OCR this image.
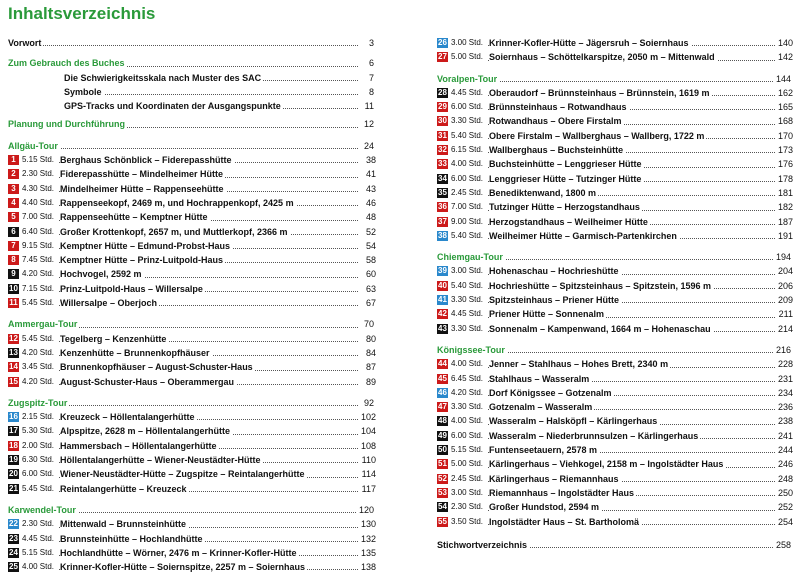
Inhaltsverzeichnis
Vorwort	3
Zum Gebrauch des Buches	6
Die Schwierigkeitsskala nach Muster des SAC	7
Symbole	8
GPS-Tracks und Koordinaten der Ausgangspunkte	11
Planung und Durchführung	12
Allgäu-Tour	24
1 5.15 Std. Berghaus Schönblick – Fiderepasshütte	38
2 2.30 Std. Fiderepasshütte – Mindelheimer Hütte	41
3 4.30 Std. Mindelheimer Hütte – Rappenseehütte	43
4 4.40 Std. Rappenseekopf, 2469 m, und Hochrappenkopf, 2425 m	46
5 7.00 Std. Rappenseehütte – Kemptner Hütte	48
6 6.40 Std. Großer Krottenkopf, 2657 m, und Muttlerkopf, 2366 m	52
7 9.15 Std. Kemptner Hütte – Edmund-Probst-Haus	54
8 7.45 Std. Kemptner Hütte – Prinz-Luitpold-Haus	58
9 4.20 Std. Hochvogel, 2592 m	60
10 7.15 Std. Prinz-Luitpold-Haus – Willersalpe	63
11 5.45 Std. Willersalpe – Oberjoch	67
Ammergau-Tour	70
12 5.45 Std. Tegelberg – Kenzenhütte	80
13 4.20 Std. Kenzenhütte – Brunnenkopfhäuser	84
14 3.45 Std. Brunnenkopfhäuser – August-Schuster-Haus	87
15 4.20 Std. August-Schuster-Haus – Oberammergau	89
Zugspitz-Tour	92
16 2.15 Std. Kreuzeck – Höllentalangerhütte	102
17 5.30 Std. Alpspitze, 2628 m – Höllentalangerhütte	104
18 2.00 Std. Hammersbach – Höllentalangerhütte	108
19 6.30 Std. Höllentalangerhütte – Wiener-Neustädter-Hütte	110
20 6.00 Std. Wiener-Neustädter-Hütte – Zugspitze – Reintalangerhütte	114
21 5.45 Std. Reintalangerhütte – Kreuzeck	117
Karwendel-Tour	120
22 2.30 Std. Mittenwald – Brunnsteinhütte	130
23 4.45 Std. Brunnsteinhütte – Hochlandhütte	132
24 5.15 Std. Hochlandhütte – Wörner, 2476 m – Krinner-Kofler-Hütte	135
25 4.00 Std. Krinner-Kofler-Hütte – Soiernspitze, 2257 m – Soiernhaus	138
26 3.00 Std. Krinner-Kofler-Hütte – Jägersruh – Soiernhaus	140
27 5.00 Std. Soiernhaus – Schöttelkarspitze, 2050 m – Mittenwald	142
Voralpen-Tour	144
28 4.45 Std. Oberaudorf – Brünnsteinhaus – Brünnstein, 1619 m	162
29 6.00 Std. Brünnsteinhaus – Rotwandhaus	165
30 3.30 Std. Rotwandhaus – Obere Firstalm	168
31 5.40 Std. Obere Firstalm – Wallberghaus – Wallberg, 1722 m	170
32 6.15 Std. Wallberghaus – Buchsteinhütte	173
33 4.00 Std. Buchsteinhütte – Lenggrieser Hütte	176
34 6.00 Std. Lenggrieser Hütte – Tutzinger Hütte	178
35 2.45 Std. Benediktenwand, 1800 m	181
36 7.00 Std. Tutzinger Hütte – Herzogstandhaus	182
37 9.00 Std. Herzogstandhaus – Weilheimer Hütte	187
38 5.40 Std. Weilheimer Hütte – Garmisch-Partenkirchen	191
Chiemgau-Tour	194
39 3.00 Std. Hohenaschau – Hochrieshütte	204
40 5.40 Std. Hochrieshütte – Spitzsteinhaus – Spitzstein, 1596 m	206
41 3.30 Std. Spitzsteinhaus – Priener Hütte	209
42 4.45 Std. Priener Hütte – Sonnenalm	211
43 3.30 Std. Sonnenalm – Kampenwand, 1664 m – Hohenaschau	214
Königssee-Tour	216
44 4.00 Std. Jenner – Stahlhaus – Hohes Brett, 2340 m	228
45 6.45 Std. Stahlhaus – Wasseralm	231
46 4.20 Std. Dorf Königssee – Gotzenalm	234
47 3.30 Std. Gotzenalm – Wasseralm	236
48 4.00 Std. Wasseralm – Halsköpfl – Kärlingerhaus	238
49 6.00 Std. Wasseralm – Niederbrunnsulzen – Kärlingerhaus	241
50 5.15 Std. Funtenseetauern, 2578 m	244
51 5.00 Std. Kärlingerhaus – Viehkogel, 2158 m – Ingolstädter Haus	246
52 2.45 Std. Kärlingerhaus – Riemannhaus	248
53 3.00 Std. Riemannhaus – Ingolstädter Haus	250
54 2.30 Std. Großer Hundstod, 2594 m	252
55 3.50 Std. Ingolstädter Haus – St. Bartholomä	254
Stichwortverzeichnis	258
